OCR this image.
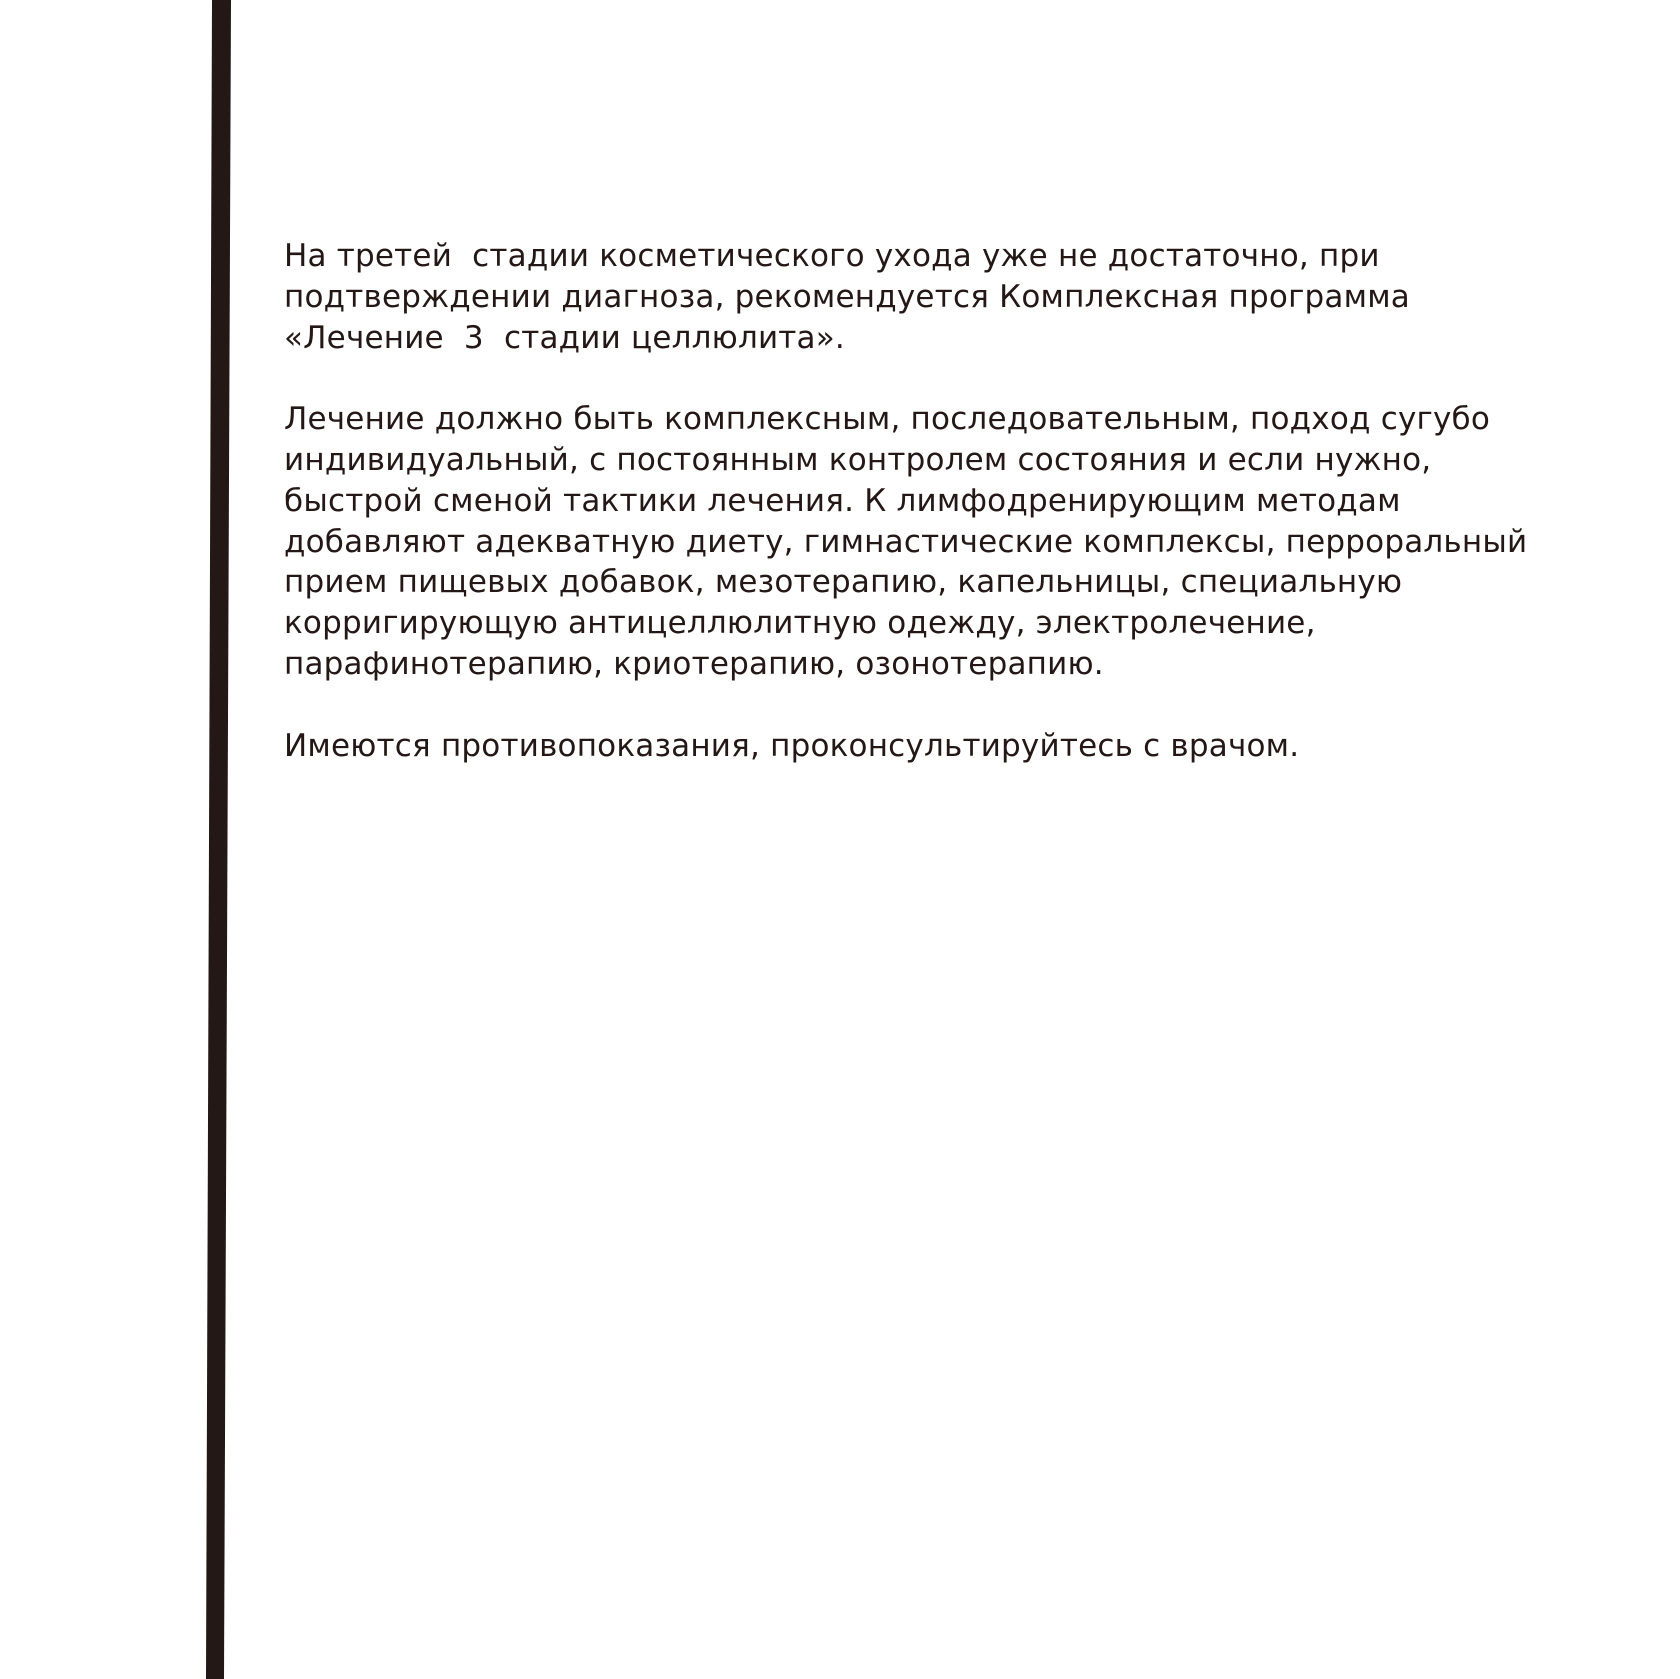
На третей  стадии косметического ухода уже не достаточно, при
подтверждении диагноза, рекомендуется Комплексная программа
«Лечение  3  стадии целлюлита».

Лечение должно быть комплексным, последовательным, подход сугубо
индивидуальный, с постоянным контролем состояния и если нужно,
быстрой сменой тактики лечения. К лимфодренирующим методам
добавляют адекватную диету, гимнастические комплексы, перроральный
прием пищевых добавок, мезотерапию, капельницы, специальную
корригирующую антицеллюлитную одежду, электролечение,
парафинотерапию, криотерапию, озонотерапию.

Имеются противопоказания, проконсультируйтесь с врачом.
